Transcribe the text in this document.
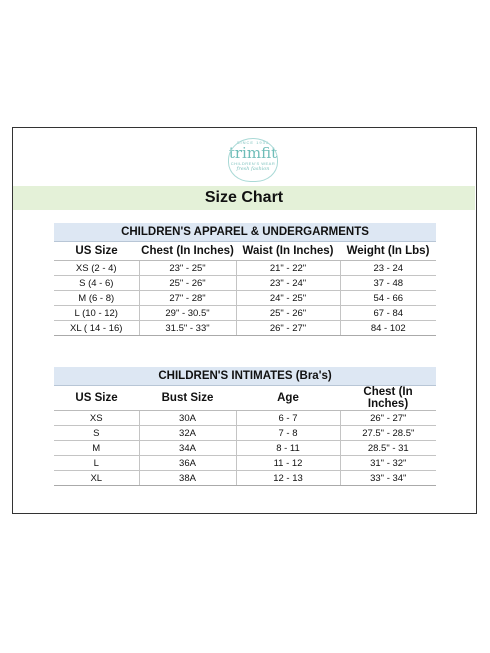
SINCE 1935
trimfit
CHILDREN'S WEAR
fresh fashion
Size Chart
CHILDREN'S APPAREL & UNDERGARMENTS			
US Size	Chest (In Inches)	Waist (In Inches)	Weight (In Lbs)
XS (2 - 4)	23" - 25"	21" - 22"	23 - 24
S (4 - 6)	25" - 26"	23" - 24"	37 - 48
M (6 - 8)	27" - 28"	24" - 25"	54 - 66
L (10 - 12)	29" - 30.5"	25" - 26"	67 - 84
XL ( 14 - 16)	31.5" - 33"	26" - 27"	84 - 102
CHILDREN'S INTIMATES (Bra's)			
US Size	Bust Size	Age	Chest (In Inches)
XS	30A	6 - 7	26" - 27"
S	32A	7 - 8	27.5" - 28.5"
M	34A	8 - 11	28.5" - 31
L	36A	11 - 12	31" - 32"
XL	38A	12 - 13	33" - 34"
